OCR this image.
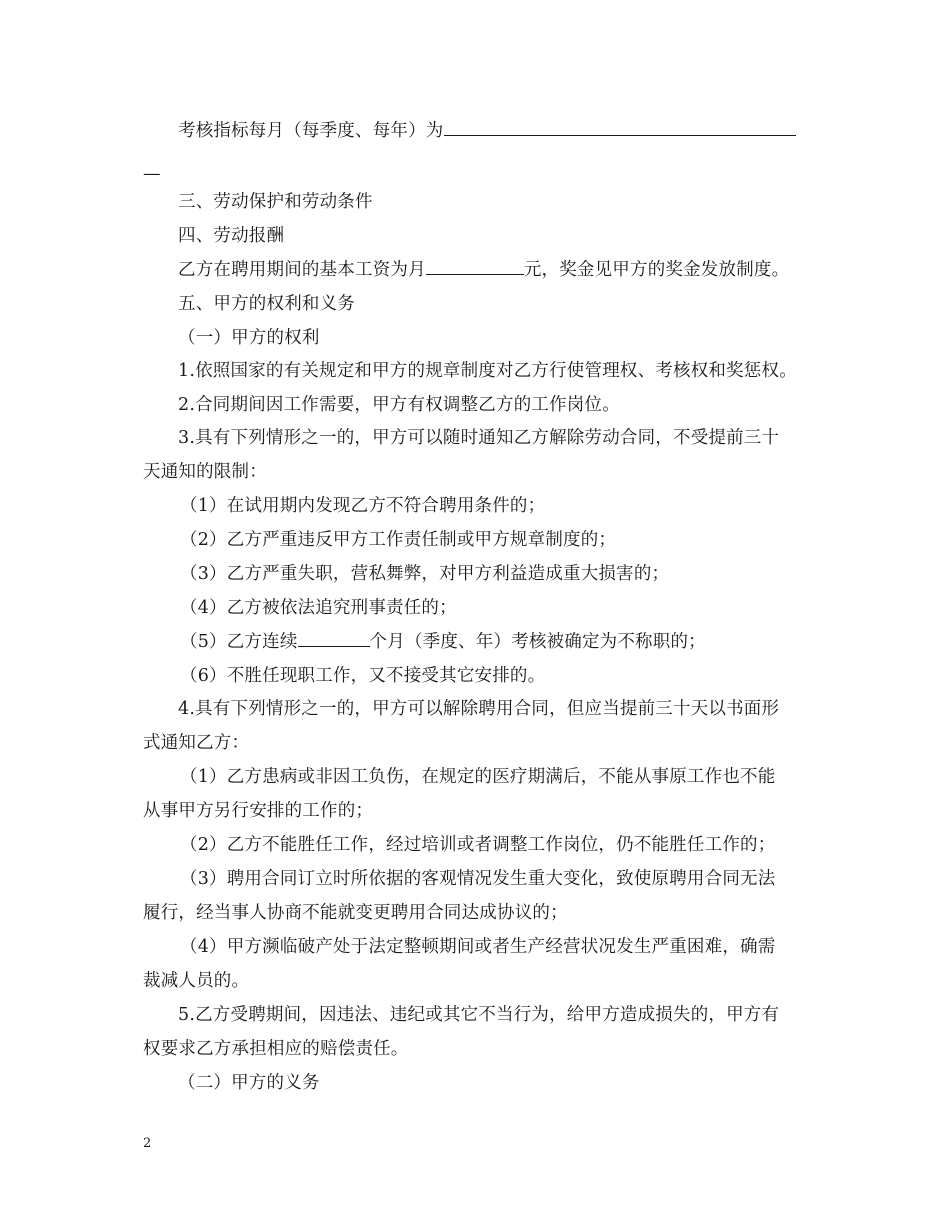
考核指标每月（每季度、每年）为
—
三、劳动保护和劳动条件
四、劳动报酬
乙方在聘用期间的基本工资为月	元，奖金见甲方的奖金发放制度。
五、甲方的权利和义务
（一）甲方的权利
1.依照国家的有关规定和甲方的规章制度对乙方行使管理权、考核权和奖惩权。
2.合同期间因工作需要，甲方有权调整乙方的工作岗位。
3.具有下列情形之一的，甲方可以随时通知乙方解除劳动合同，不受提前三十
天通知的限制：
（1）在试用期内发现乙方不符合聘用条件的；
（2）乙方严重违反甲方工作责任制或甲方规章制度的；
（3）乙方严重失职，营私舞弊，对甲方利益造成重大损害的；
（4）乙方被依法追究刑事责任的；
（5）乙方连续	个月（季度、年）考核被确定为不称职的；
（6）不胜任现职工作，又不接受其它安排的。
4.具有下列情形之一的，甲方可以解除聘用合同，但应当提前三十天以书面形
式通知乙方：
（1）乙方患病或非因工负伤，在规定的医疗期满后，不能从事原工作也不能
从事甲方另行安排的工作的；
（2）乙方不能胜任工作，经过培训或者调整工作岗位，仍不能胜任工作的；
（3）聘用合同订立时所依据的客观情况发生重大变化，致使原聘用合同无法
履行，经当事人协商不能就变更聘用合同达成协议的；
（4）甲方濒临破产处于法定整顿期间或者生产经营状况发生严重困难，确需
裁减人员的。
5.乙方受聘期间，因违法、违纪或其它不当行为，给甲方造成损失的，甲方有
权要求乙方承担相应的赔偿责任。
（二）甲方的义务
2
